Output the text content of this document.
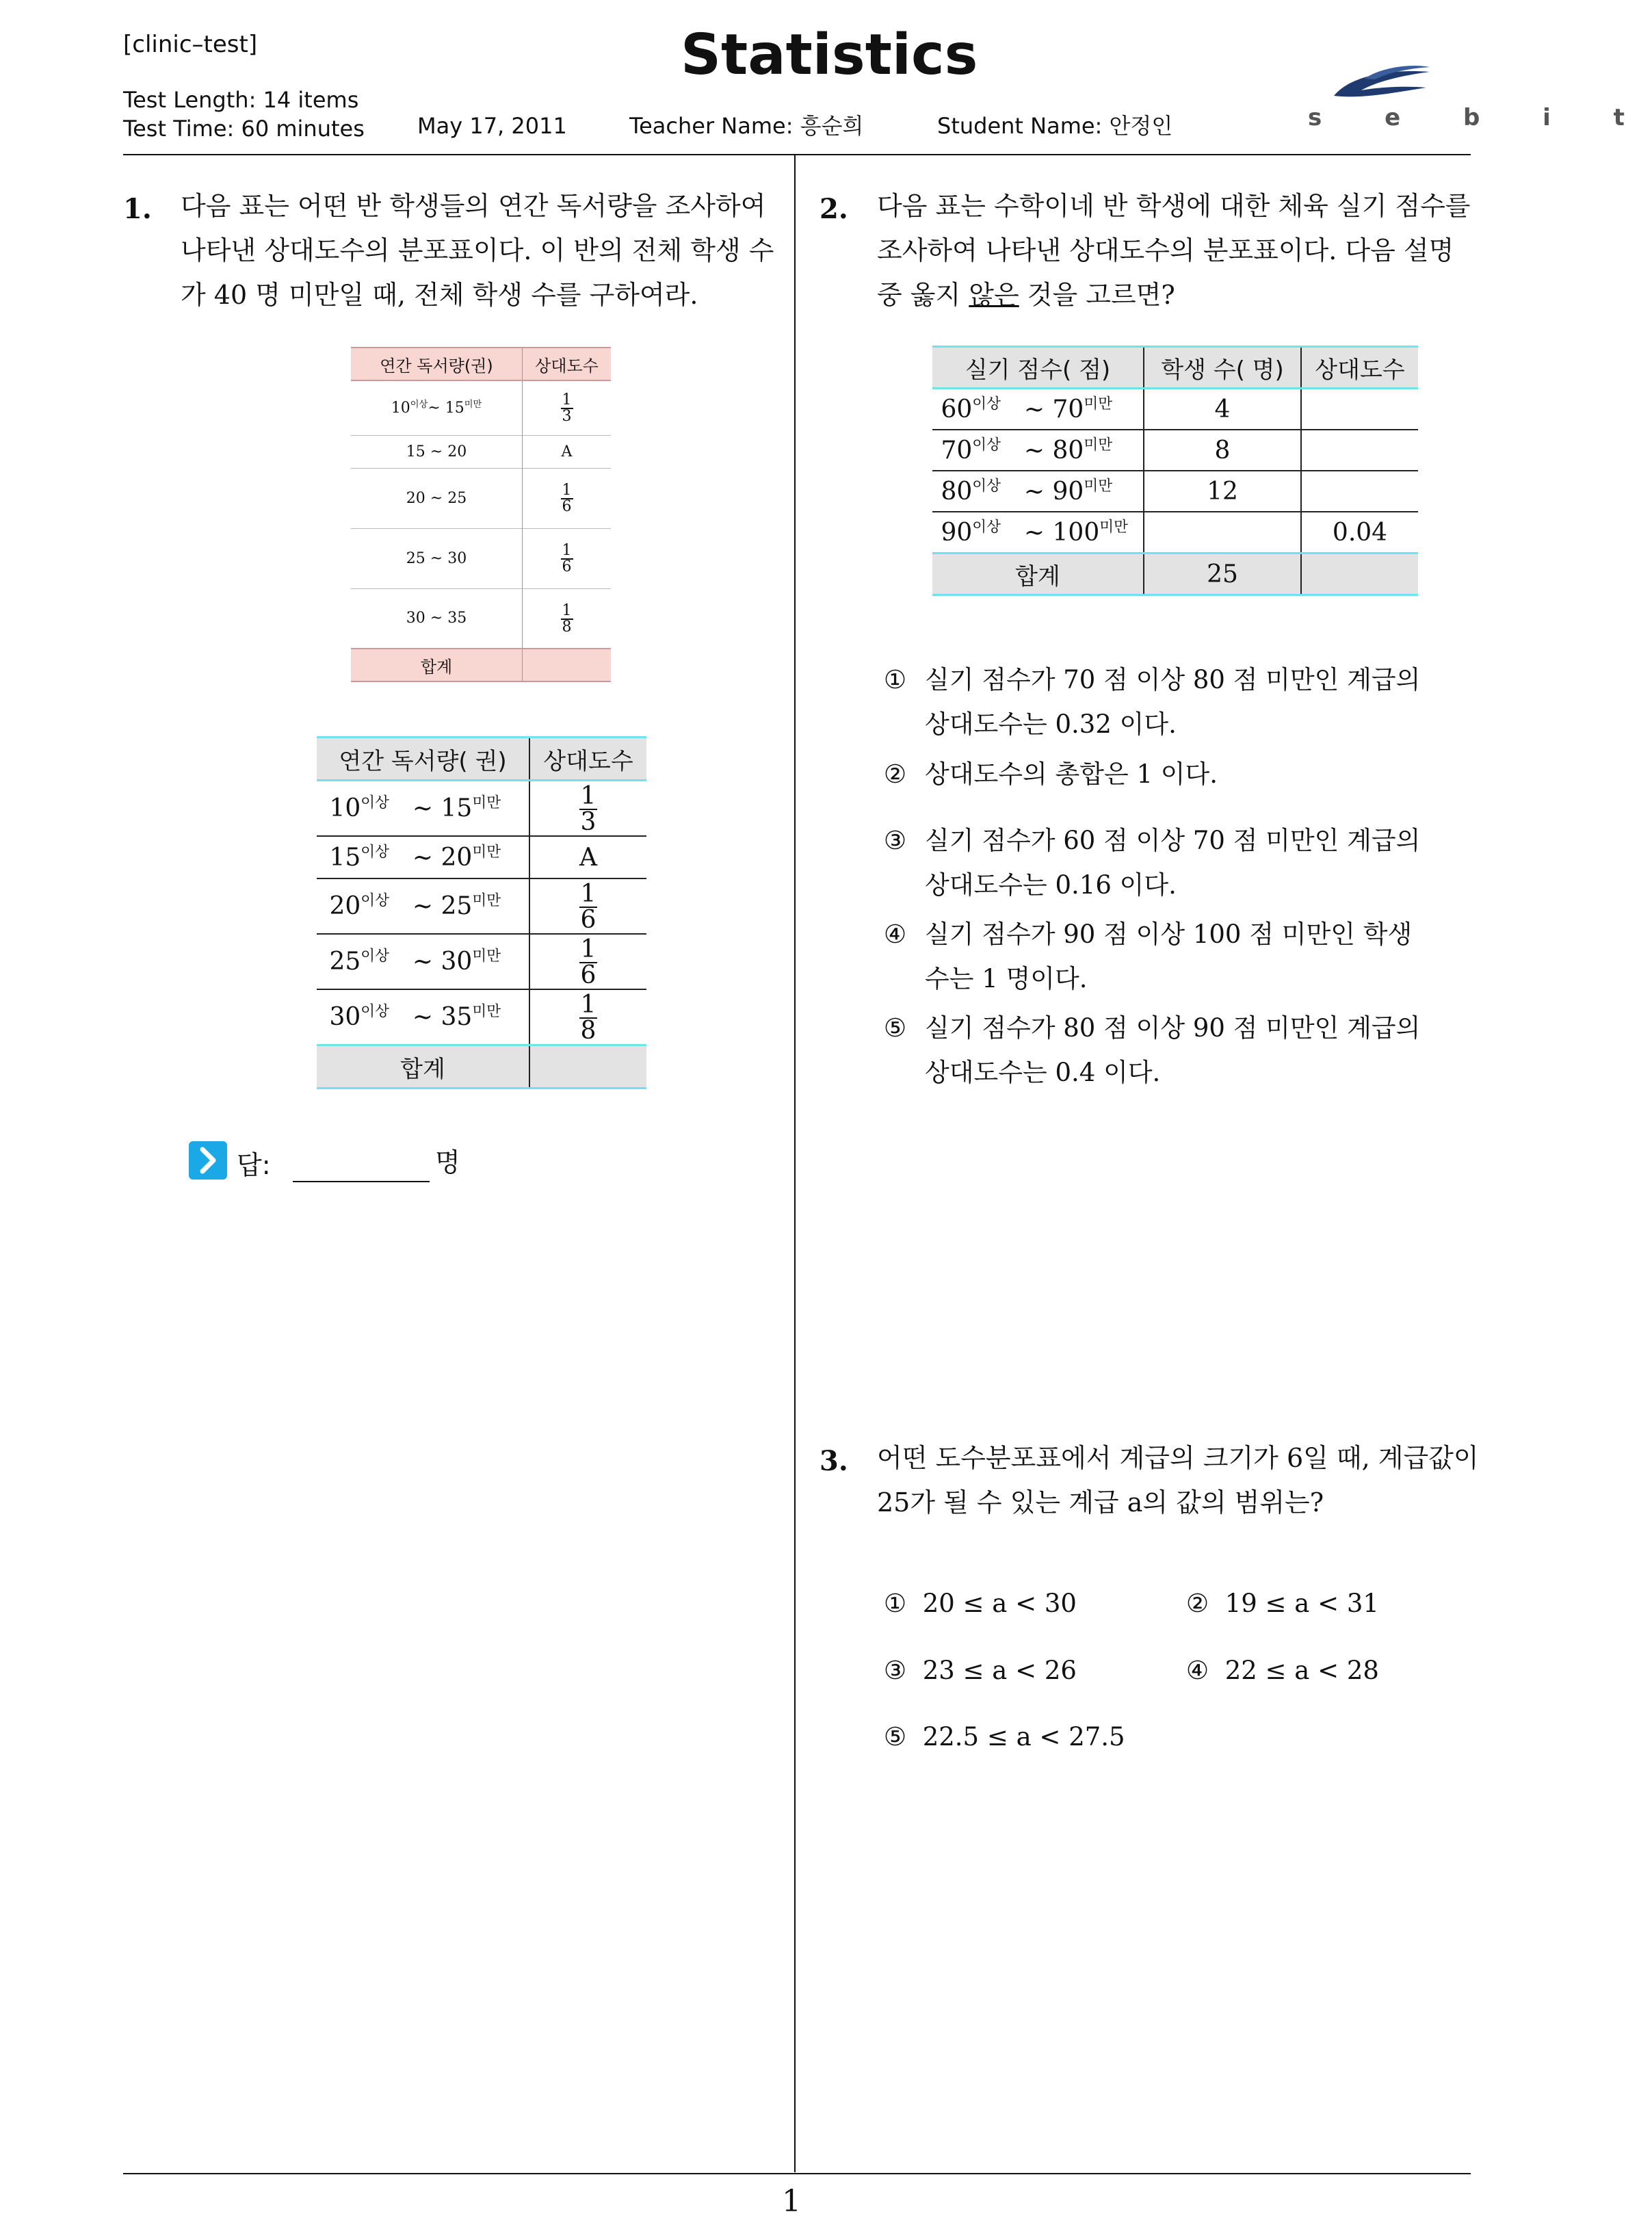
[clinic–test]	Statistics
Test Length: 14 items
Test Time: 60 minutes May 17, 2011	Teacher Name: 흥순희	Student Name: 안정인	s e b i t
1
1. 다음 표는 어떤 반 학생들의 연간 독서량을 조사하여
나타낸 상대도수의 분포표이다. 이 반의 전체 학생 수
가 40 명 미만일 때, 전체 학생 수를 구하여라.
연간 독서량(권)	상대도수
$10^{이상}\sim$ $15^{미만}$	$\frac{1}{3}$

15 ~ 20	A
20 ~ 25	$\frac{1}{6}$

25 ~ 30	$\frac{1}{6}$

30 ~ 35	$\frac{1}{8}$

합계	
연간 독서량( 권)	상대도수
$10^{이상}$ ~ $15^{미만}$	$\frac{1}{3}$

$15^{이상}$ ~ $20^{미만}$	A
$20^{이상}$ ~ $25^{미만}$	$\frac{1}{6}$

$25^{이상}$ ~ $30^{미만}$	$\frac{1}{6}$

$30^{이상}$ ~ $35^{미만}$	$\frac{1}{8}$

합계	
답:	명
2. 다음 표는 수학이네 반 학생에 대한 체육 실기 점수를
조사하여 나타낸 상대도수의 분포표이다. 다음 설명
중 옳지 않은 것을 고르면?
실기 점수( 점)	학생 수( 명)	상대도수
$60^{이상}$ ~ $70^{미만}$	4	
$70^{이상}$ ~ $80^{미만}$	8	
$80^{이상}$ ~ $90^{미만}$	12	
$90^{이상}$ ~ $100^{미만}$		0.04
합계	25	
① 실기 점수가 70 점 이상 80 점 미만인 계급의
상대도수는 0.32 이다.
② 상대도수의 총합은 1 이다.
③ 실기 점수가 60 점 이상 70 점 미만인 계급의
상대도수는 0.16 이다.
④ 실기 점수가 90 점 이상 100 점 미만인 학생
수는 1 명이다.
⑤ 실기 점수가 80 점 이상 90 점 미만인 계급의
상대도수는 0.4 이다.
3. 어떤 도수분포표에서 계급의 크기가 6일 때, 계급값이
25가 될 수 있는 계급 a의 값의 범위는?
① 20 ≤ a < 30	② 19 ≤ a < 31
③ 23 ≤ a < 26	④ 22 ≤ a < 28
⑤ 22.5 ≤ a < 27.5
